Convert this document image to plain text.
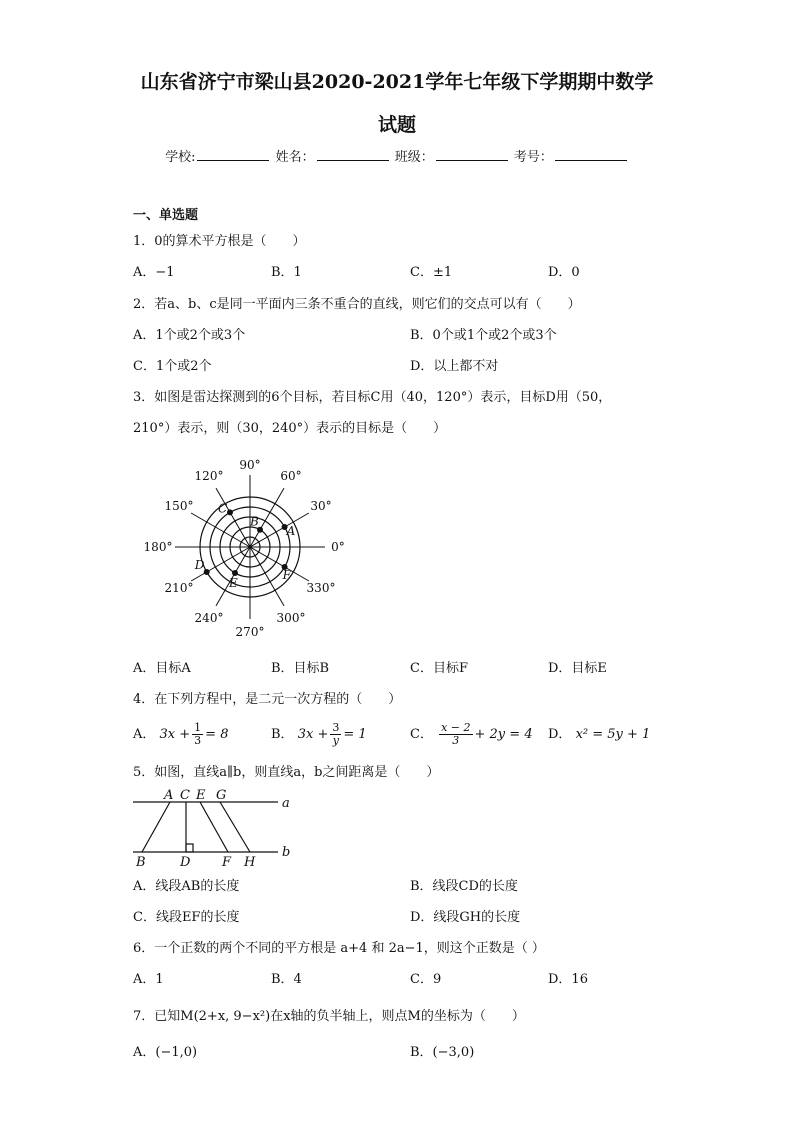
山东省济宁市梁山县2020-2021学年七年级下学期期中数学
试题
学校:	姓名：	班级：	考号：
一、单选题
1．0的算术平方根是（　　）
A．−1	B．1	C．±1	D．0
2．若a、b、c是同一平面内三条不重合的直线，则它们的交点可以有（　　）
A．1个或2个或3个	B．0个或1个或2个或3个
C．1个或2个	D．以上都不对
3．如图是雷达探测到的6个目标，若目标C用（40，120°）表示，目标D用（50，
210°）表示，则（30，240°）表示的目标是（　　）
0°
30°
60°
90°
120°
150°
180°
210°
240°
270°
300°
330°
A
B
C
D
E
F
A．目标A	B．目标B	C．目标F	D．目标E
4．在下列方程中，是二元一次方程的（　　）
A． $3x + \frac{1}{3} = 8$	B． $3x + \frac{3}{y} = 1$	C． $\frac{x - 2}{3} + 2y = 4$ D． x² = 5y + 1
5．如图，直线a∥b，则直线a，b之间距离是（　　）
A C E G
B	D F H
a
b
A．线段AB的长度	B．线段CD的长度
C．线段EF的长度	D．线段GH的长度
6．一个正数的两个不同的平方根是 a+4 和 2a−1，则这个正数是（ ）
A．1	B．4	C．9	D．16
7．已知M(2+x, 9−x²)在x轴的负半轴上，则点M的坐标为（　　）
A．(−1,0)	B．(−3,0)
